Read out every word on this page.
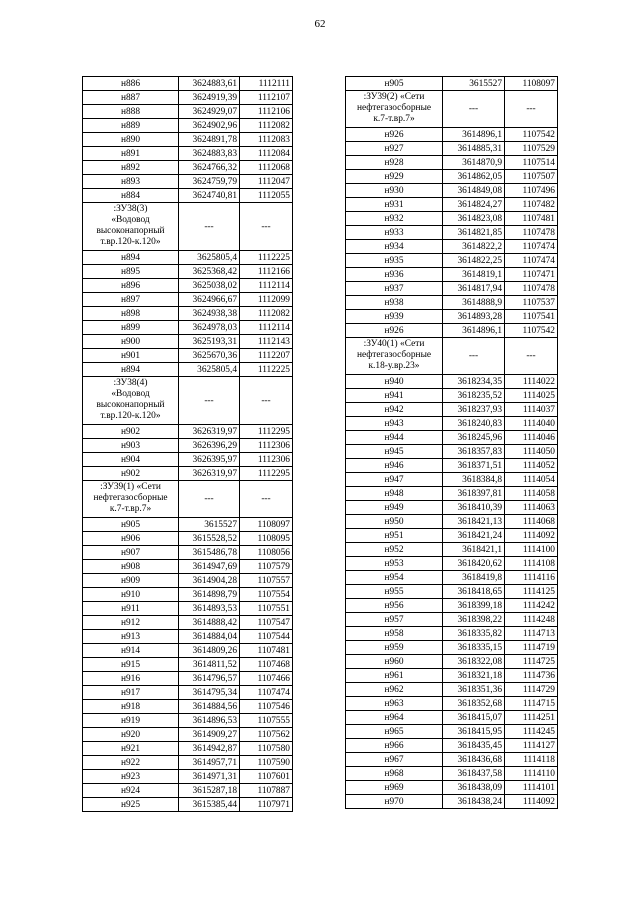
62
н886	3624883,61	1112111
н887	3624919,39	1112107
н888	3624929,07	1112106
н889	3624902,96	1112082
н890	3624891,78	1112083
н891	3624883,83	1112084
н892	3624766,32	1112068
н893	3624759,79	1112047
н884	3624740,81	1112055

:ЗУ38(3)
«Водовод
высоконапорный
т.вр.120-к.120»	---	---
н894	3625805,4	1112225
н895	3625368,42	1112166
н896	3625038,02	1112114
н897	3624966,67	1112099
н898	3624938,38	1112082
н899	3624978,03	1112114
н900	3625193,31	1112143
н901	3625670,36	1112207
н894	3625805,4	1112225

:ЗУ38(4)
«Водовод
высоконапорный
т.вр.120-к.120»	---	---
н902	3626319,97	1112295
н903	3626396,29	1112306
н904	3626395,97	1112306
н902	3626319,97	1112295

:ЗУ39(1) «Сети
нефтегазосборные
к.7-т.вр.7»	---	---
н905	3615527	1108097
н906	3615528,52	1108095
н907	3615486,78	1108056
н908	3614947,69	1107579
н909	3614904,28	1107557
н910	3614898,79	1107554
н911	3614893,53	1107551
н912	3614888,42	1107547
н913	3614884,04	1107544
н914	3614809,26	1107481
н915	3614811,52	1107468
н916	3614796,57	1107466
н917	3614795,34	1107474
н918	3614884,56	1107546
н919	3614896,53	1107555
н920	3614909,27	1107562
н921	3614942,87	1107580
н922	3614957,71	1107590
н923	3614971,31	1107601
н924	3615287,18	1107887
н925	3615385,44	1107971
н905	3615527	1108097

:ЗУ39(2) «Сети
нефтегазосборные
к.7-т.вр.7»	---	---
н926	3614896,1	1107542
н927	3614885,31	1107529
н928	3614870,9	1107514
н929	3614862,05	1107507
н930	3614849,08	1107496
н931	3614824,27	1107482
н932	3614823,08	1107481
н933	3614821,85	1107478
н934	3614822,2	1107474
н935	3614822,25	1107474
н936	3614819,1	1107471
н937	3614817,94	1107478
н938	3614888,9	1107537
н939	3614893,28	1107541
н926	3614896,1	1107542

:ЗУ40(1) «Сети
нефтегазосборные
к.18-у.вр.23»	---	---
н940	3618234,35	1114022
н941	3618235,52	1114025
н942	3618237,93	1114037
н943	3618240,83	1114040
н944	3618245,96	1114046
н945	3618357,83	1114050
н946	3618371,51	1114052
н947	3618384,8	1114054
н948	3618397,81	1114058
н949	3618410,39	1114063
н950	3618421,13	1114068
н951	3618421,24	1114092
н952	3618421,1	1114100
н953	3618420,62	1114108
н954	3618419,8	1114116
н955	3618418,65	1114125
н956	3618399,18	1114242
н957	3618398,22	1114248
н958	3618335,82	1114713
н959	3618335,15	1114719
н960	3618322,08	1114725
н961	3618321,18	1114736
н962	3618351,36	1114729
н963	3618352,68	1114715
н964	3618415,07	1114251
н965	3618415,95	1114245
н966	3618435,45	1114127
н967	3618436,68	1114118
н968	3618437,58	1114110
н969	3618438,09	1114101
н970	3618438,24	1114092
